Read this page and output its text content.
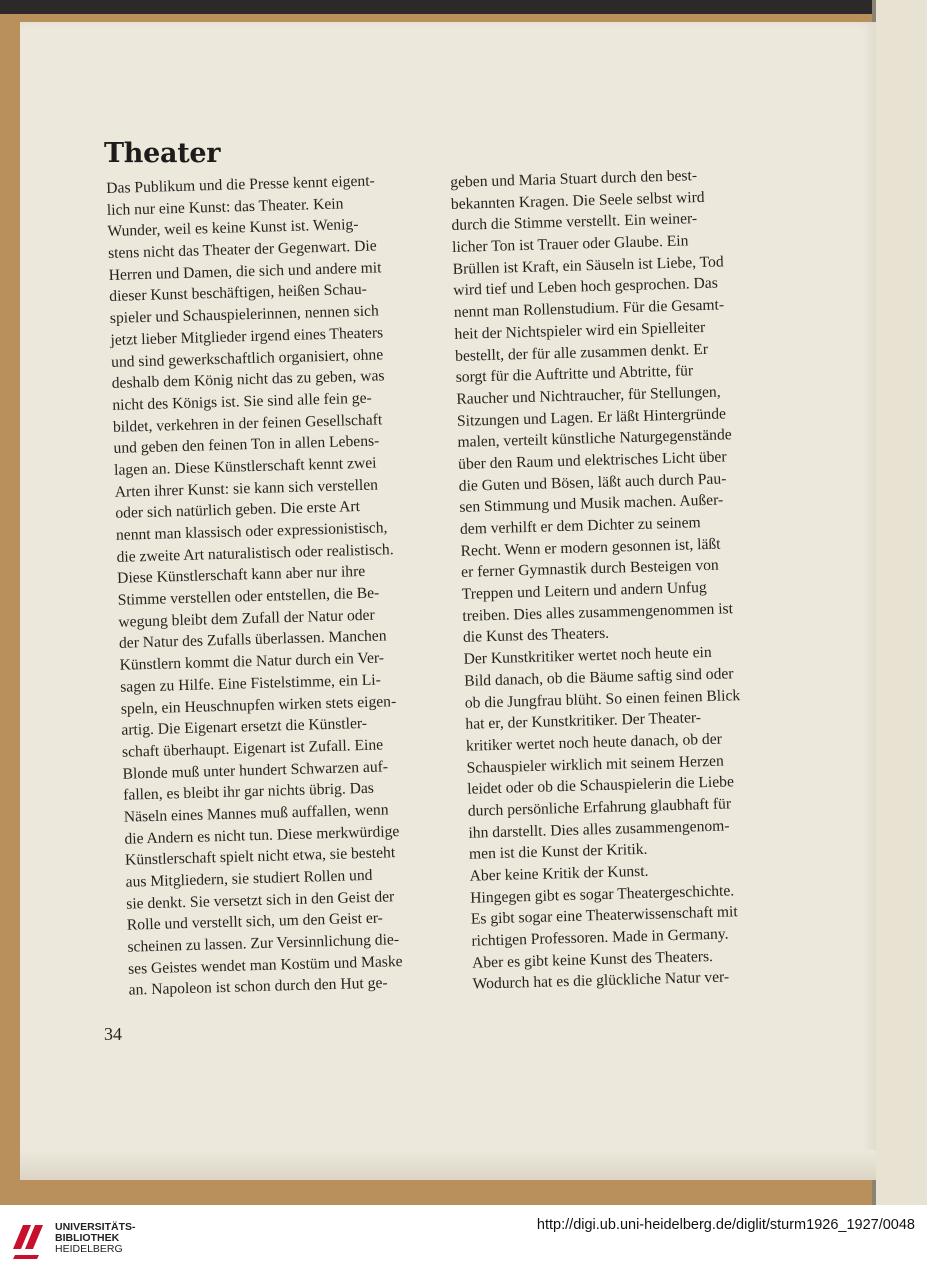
Theater
Das Publikum und die Presse kennt eigent-
lich nur eine Kunst: das Theater. Kein
Wunder, weil es keine Kunst ist. Wenig-
stens nicht das Theater der Gegenwart. Die
Herren und Damen, die sich und andere mit
dieser Kunst beschäftigen, heißen Schau-
spieler und Schauspielerinnen, nennen sich
jetzt lieber Mitglieder irgend eines Theaters
und sind gewerkschaftlich organisiert, ohne
deshalb dem König nicht das zu geben, was
nicht des Königs ist. Sie sind alle fein ge-
bildet, verkehren in der feinen Gesellschaft
und geben den feinen Ton in allen Lebens-
lagen an. Diese Künstlerschaft kennt zwei
Arten ihrer Kunst: sie kann sich verstellen
oder sich natürlich geben. Die erste Art
nennt man klassisch oder expressionistisch,
die zweite Art naturalistisch oder realistisch.
Diese Künstlerschaft kann aber nur ihre
Stimme verstellen oder entstellen, die Be-
wegung bleibt dem Zufall der Natur oder
der Natur des Zufalls überlassen. Manchen
Künstlern kommt die Natur durch ein Ver-
sagen zu Hilfe. Eine Fistelstimme, ein Li-
speln, ein Heuschnupfen wirken stets eigen-
artig. Die Eigenart ersetzt die Künstler-
schaft überhaupt. Eigenart ist Zufall. Eine
Blonde muß unter hundert Schwarzen auf-
fallen, es bleibt ihr gar nichts übrig. Das
Näseln eines Mannes muß auffallen, wenn
die Andern es nicht tun. Diese merkwürdige
Künstlerschaft spielt nicht etwa, sie besteht
aus Mitgliedern, sie studiert Rollen und
sie denkt. Sie versetzt sich in den Geist der
Rolle und verstellt sich, um den Geist er-
scheinen zu lassen. Zur Versinnlichung die-
ses Geistes wendet man Kostüm und Maske
an. Napoleon ist schon durch den Hut ge-
geben und Maria Stuart durch den best-
bekannten Kragen. Die Seele selbst wird
durch die Stimme verstellt. Ein weiner-
licher Ton ist Trauer oder Glaube. Ein
Brüllen ist Kraft, ein Säuseln ist Liebe, Tod
wird tief und Leben hoch gesprochen. Das
nennt man Rollenstudium. Für die Gesamt-
heit der Nichtspieler wird ein Spielleiter
bestellt, der für alle zusammen denkt. Er
sorgt für die Auftritte und Abtritte, für
Raucher und Nichtraucher, für Stellungen,
Sitzungen und Lagen. Er läßt Hintergründe
malen, verteilt künstliche Naturgegenstände
über den Raum und elektrisches Licht über
die Guten und Bösen, läßt auch durch Pau-
sen Stimmung und Musik machen. Außer-
dem verhilft er dem Dichter zu seinem
Recht. Wenn er modern gesonnen ist, läßt
er ferner Gymnastik durch Besteigen von
Treppen und Leitern und andern Unfug
treiben. Dies alles zusammengenommen ist
die Kunst des Theaters.
Der Kunstkritiker wertet noch heute ein
Bild danach, ob die Bäume saftig sind oder
ob die Jungfrau blüht. So einen feinen Blick
hat er, der Kunstkritiker. Der Theater-
kritiker wertet noch heute danach, ob der
Schauspieler wirklich mit seinem Herzen
leidet oder ob die Schauspielerin die Liebe
durch persönliche Erfahrung glaubhaft für
ihn darstellt. Dies alles zusammengenom-
men ist die Kunst der Kritik.
Aber keine Kritik der Kunst.
Hingegen gibt es sogar Theatergeschichte.
Es gibt sogar eine Theaterwissenschaft mit
richtigen Professoren. Made in Germany.
Aber es gibt keine Kunst des Theaters.
Wodurch hat es die glückliche Natur ver-
34
UNIVERSITÄTS-
BIBLIOTHEK
HEIDELBERG
http://digi.ub.uni-heidelberg.de/diglit/sturm1926_1927/0048
